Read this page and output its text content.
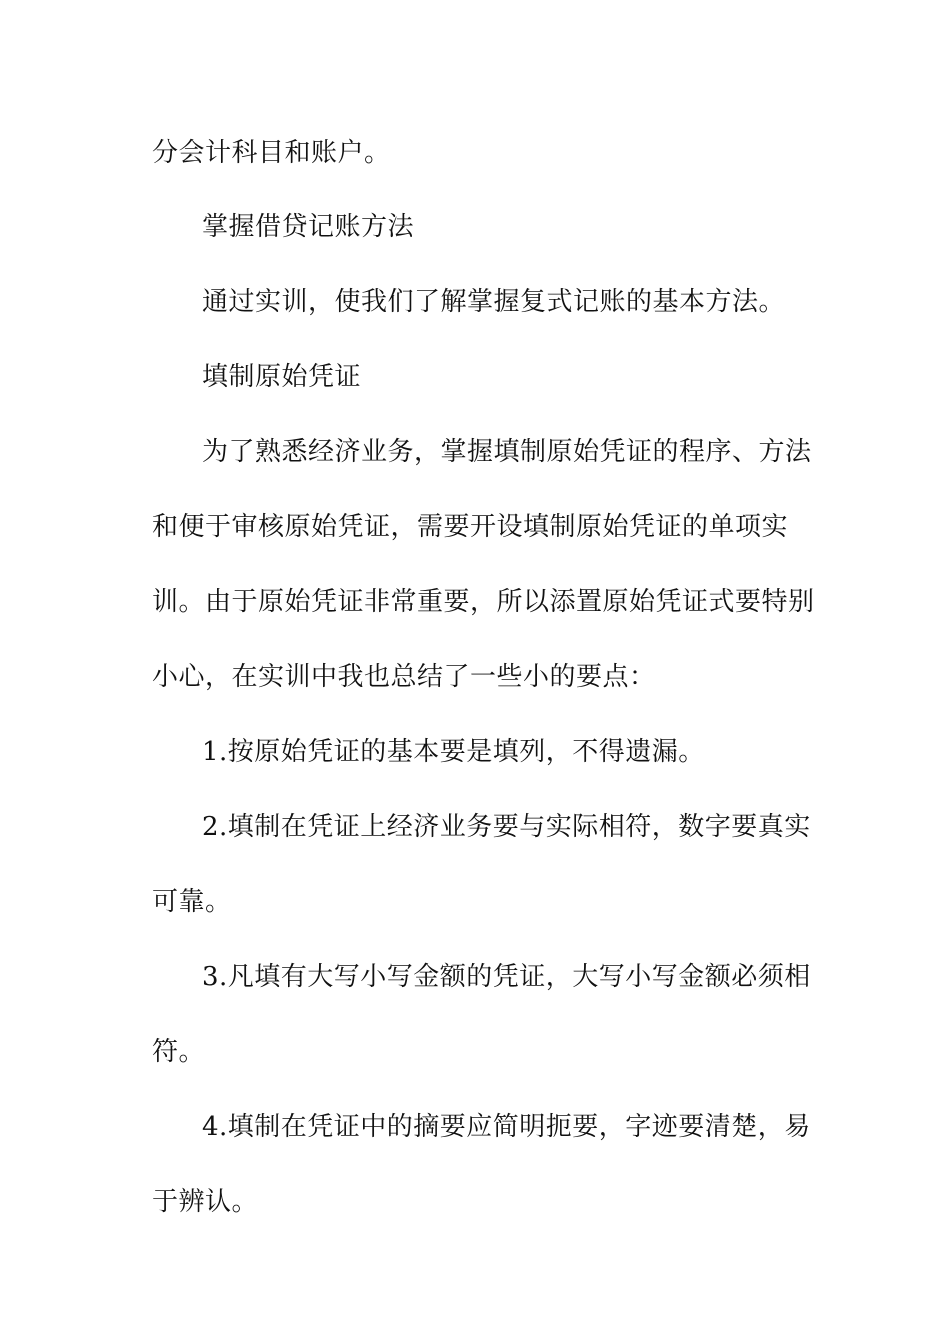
分会计科目和账户。
掌握借贷记账方法
通过实训，使我们了解掌握复式记账的基本方法。
填制原始凭证
为了熟悉经济业务，掌握填制原始凭证的程序、方法
和便于审核原始凭证，需要开设填制原始凭证的单项实
训。由于原始凭证非常重要，所以添置原始凭证式要特别
小心，在实训中我也总结了一些小的要点：
1.按原始凭证的基本要是填列，不得遗漏。
2.填制在凭证上经济业务要与实际相符，数字要真实
可靠。
3.凡填有大写小写金额的凭证，大写小写金额必须相
符。
4.填制在凭证中的摘要应简明扼要，字迹要清楚，易
于辨认。
